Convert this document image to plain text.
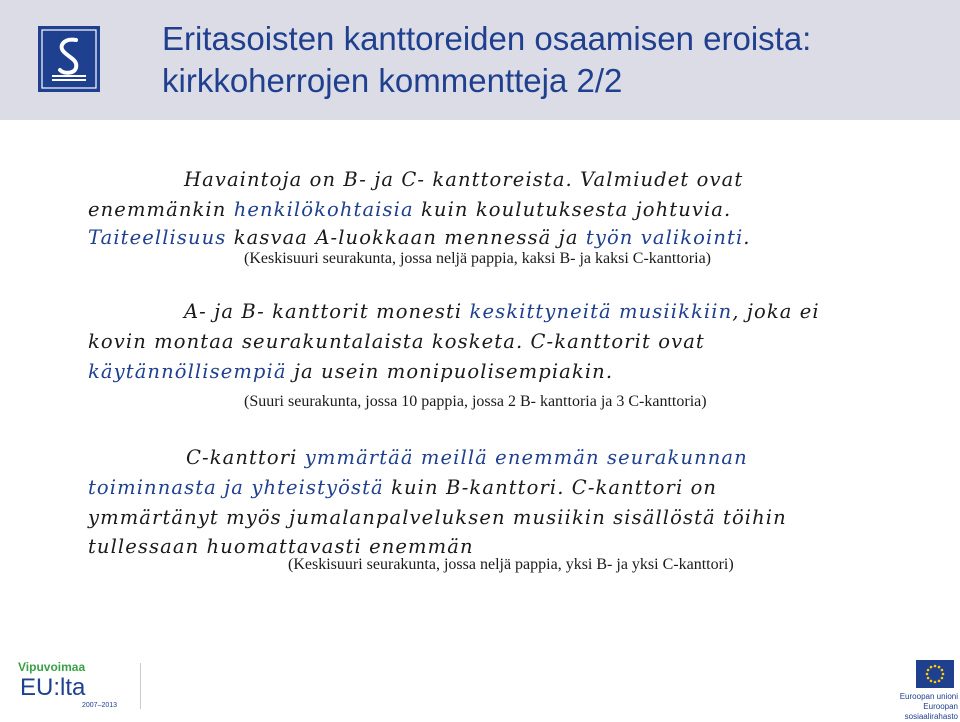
Eritasoisten kanttoreiden osaamisen eroista:
kirkkoherrojen kommentteja 2/2
Havaintoja on B- ja C- kanttoreista. Valmiudet ovat
enemmänkin henkilökohtaisia kuin koulutuksesta johtuvia.
Taiteellisuus kasvaa A-luokkaan mennessä ja työn valikointi.
(Keskisuuri seurakunta, jossa neljä pappia, kaksi B- ja kaksi C-kanttoria)
A- ja B- kanttorit monesti keskittyneitä musiikkiin, joka ei
kovin montaa seurakuntalaista kosketa. C-kanttorit ovat
käytännöllisempiä ja usein monipuolisempiakin.
(Suuri seurakunta, jossa 10 pappia, jossa 2 B- kanttoria ja 3 C-kanttoria)
C-kanttori ymmärtää meillä enemmän seurakunnan
toiminnasta ja yhteistyöstä kuin B-kanttori. C-kanttori on
ymmärtänyt myös jumalanpalveluksen musiikin sisällöstä töihin
tullessaan huomattavasti enemmän
(Keskisuuri seurakunta, jossa neljä pappia, yksi B- ja yksi C-kanttori)
Vipuvoimaa
EU:lta
2007–2013
Euroopan unioni
Euroopan sosiaalirahasto
